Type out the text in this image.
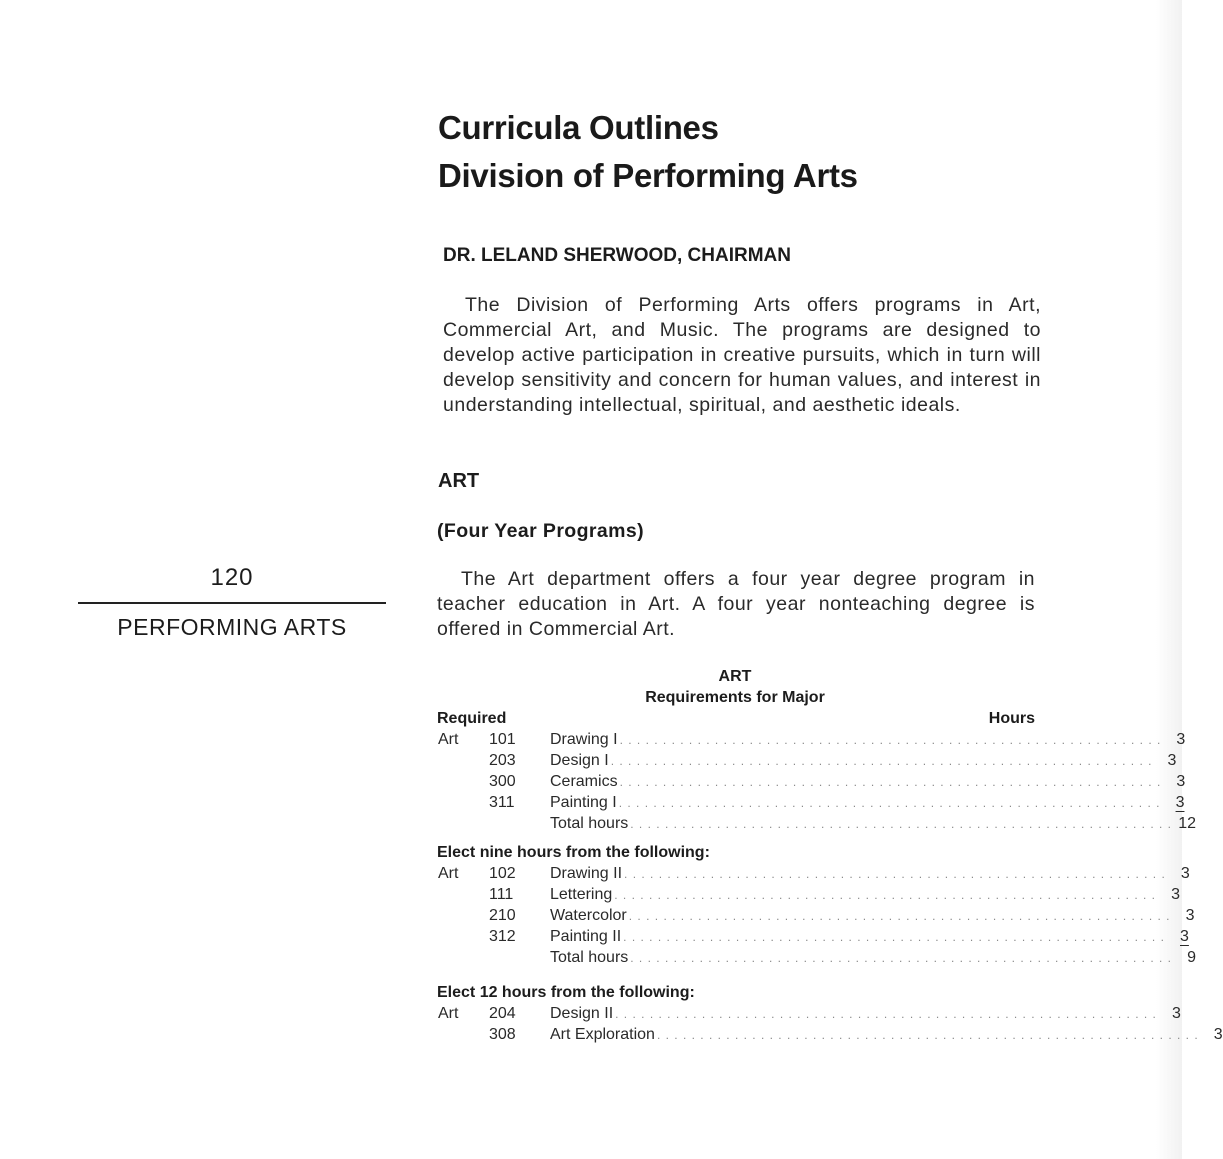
120
PERFORMING ARTS
Curricula Outlines
Division of Performing Arts
DR. LELAND SHERWOOD, CHAIRMAN

The Division of Performing Arts offers programs in Art, Commercial Art, and Music. The programs are designed to develop active participation in creative pursuits, which in turn will develop sensitivity and concern for human values, and interest in understanding intellectual, spiritual, and aesthetic ideals.

ART
(Four Year Programs)

The Art department offers a four year degree program in teacher education in Art. A four year nonteaching degree is offered in Commercial Art.

ART
Requirements for Major
Required	Hours
Art 101 Drawing I . . . . . . . . . . . . . . . . . . . . . . . . . . . . . . . . . . . . . . . . . . . . . . . . . . . . . . . . . . . . . . . 3
203 Design I . . . . . . . . . . . . . . . . . . . . . . . . . . . . . . . . . . . . . . . . . . . . . . . . . . . . . . . . . . . . . . . 3
300 Ceramics . . . . . . . . . . . . . . . . . . . . . . . . . . . . . . . . . . . . . . . . . . . . . . . . . . . . . . . . . . . . . . . 3
311 Painting I . . . . . . . . . . . . . . . . . . . . . . . . . . . . . . . . . . . . . . . . . . . . . . . . . . . . . . . . . . . . . . . 3
Total hours . . . . . . . . . . . . . . . . . . . . . . . . . . . . . . . . . . . . . . . . . . . . . . . . . . . . . . . . . . . . . . . 12
Elect nine hours from the following:
Art 102 Drawing II . . . . . . . . . . . . . . . . . . . . . . . . . . . . . . . . . . . . . . . . . . . . . . . . . . . . . . . . . . . . . . . 3
111 Lettering . . . . . . . . . . . . . . . . . . . . . . . . . . . . . . . . . . . . . . . . . . . . . . . . . . . . . . . . . . . . . . . 3
210 Watercolor . . . . . . . . . . . . . . . . . . . . . . . . . . . . . . . . . . . . . . . . . . . . . . . . . . . . . . . . . . . . . . . 3
312 Painting II . . . . . . . . . . . . . . . . . . . . . . . . . . . . . . . . . . . . . . . . . . . . . . . . . . . . . . . . . . . . . . . 3
Total hours . . . . . . . . . . . . . . . . . . . . . . . . . . . . . . . . . . . . . . . . . . . . . . . . . . . . . . . . . . . . . . . 9
Elect 12 hours from the following:
Art 204 Design II . . . . . . . . . . . . . . . . . . . . . . . . . . . . . . . . . . . . . . . . . . . . . . . . . . . . . . . . . . . . . . . 3
308 Art Exploration . . . . . . . . . . . . . . . . . . . . . . . . . . . . . . . . . . . . . . . . . . . . . . . . . . . . . . . . . . . . . . . 3
